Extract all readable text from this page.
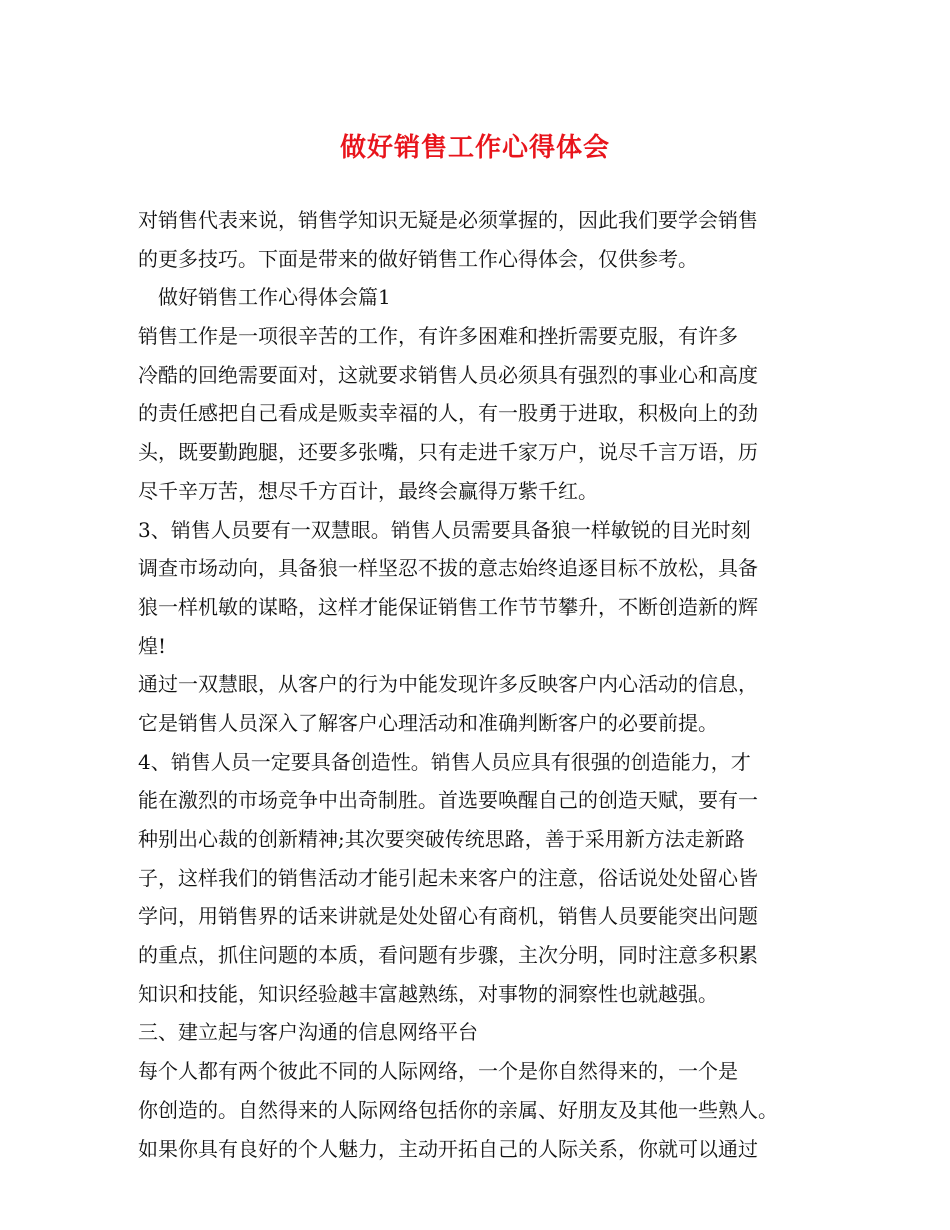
做好销售工作心得体会
对销售代表来说，销售学知识无疑是必须掌握的，因此我们要学会销售
的更多技巧。下面是带来的做好销售工作心得体会，仅供参考。
　做好销售工作心得体会篇1
销售工作是一项很辛苦的工作，有许多困难和挫折需要克服，有许多
冷酷的回绝需要面对，这就要求销售人员必须具有强烈的事业心和高度
的责任感把自己看成是贩卖幸福的人，有一股勇于进取，积极向上的劲
头，既要勤跑腿，还要多张嘴，只有走进千家万户，说尽千言万语，历
尽千辛万苦，想尽千方百计，最终会赢得万紫千红。
3、销售人员要有一双慧眼。销售人员需要具备狼一样敏锐的目光时刻
调查市场动向，具备狼一样坚忍不拔的意志始终追逐目标不放松，具备
狼一样机敏的谋略，这样才能保证销售工作节节攀升，不断创造新的辉
煌!
通过一双慧眼，从客户的行为中能发现许多反映客户内心活动的信息，
它是销售人员深入了解客户心理活动和准确判断客户的必要前提。
4、销售人员一定要具备创造性。销售人员应具有很强的创造能力，才
能在激烈的市场竞争中出奇制胜。首选要唤醒自己的创造天赋，要有一
种别出心裁的创新精神;其次要突破传统思路，善于采用新方法走新路
子，这样我们的销售活动才能引起未来客户的注意，俗话说处处留心皆
学问，用销售界的话来讲就是处处留心有商机，销售人员要能突出问题
的重点，抓住问题的本质，看问题有步骤，主次分明，同时注意多积累
知识和技能，知识经验越丰富越熟练，对事物的洞察性也就越强。
三、建立起与客户沟通的信息网络平台
每个人都有两个彼此不同的人际网络，一个是你自然得来的，一个是
你创造的。自然得来的人际网络包括你的亲属、好朋友及其他一些熟人。
如果你具有良好的个人魅力，主动开拓自己的人际关系，你就可以通过
